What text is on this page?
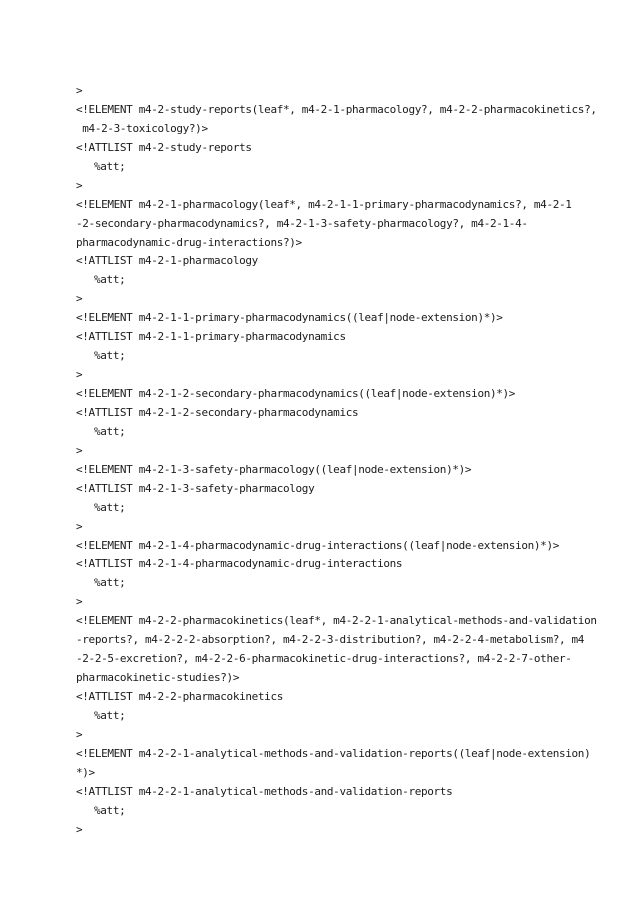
>
<!ELEMENT m4-2-study-reports(leaf*, m4-2-1-pharmacology?, m4-2-2-pharmacokinetics?,
m4-2-3-toxicology?)>
<!ATTLIST m4-2-study-reports
%att;
>
<!ELEMENT m4-2-1-pharmacology(leaf*, m4-2-1-1-primary-pharmacodynamics?, m4-2-1
-2-secondary-pharmacodynamics?, m4-2-1-3-safety-pharmacology?, m4-2-1-4-
pharmacodynamic-drug-interactions?)>
<!ATTLIST m4-2-1-pharmacology
%att;
>
<!ELEMENT m4-2-1-1-primary-pharmacodynamics((leaf|node-extension)*)>
<!ATTLIST m4-2-1-1-primary-pharmacodynamics
%att;
>
<!ELEMENT m4-2-1-2-secondary-pharmacodynamics((leaf|node-extension)*)>
<!ATTLIST m4-2-1-2-secondary-pharmacodynamics
%att;
>
<!ELEMENT m4-2-1-3-safety-pharmacology((leaf|node-extension)*)>
<!ATTLIST m4-2-1-3-safety-pharmacology
%att;
>
<!ELEMENT m4-2-1-4-pharmacodynamic-drug-interactions((leaf|node-extension)*)>
<!ATTLIST m4-2-1-4-pharmacodynamic-drug-interactions
%att;
>
<!ELEMENT m4-2-2-pharmacokinetics(leaf*, m4-2-2-1-analytical-methods-and-validation
-reports?, m4-2-2-2-absorption?, m4-2-2-3-distribution?, m4-2-2-4-metabolism?, m4
-2-2-5-excretion?, m4-2-2-6-pharmacokinetic-drug-interactions?, m4-2-2-7-other-
pharmacokinetic-studies?)>
<!ATTLIST m4-2-2-pharmacokinetics
%att;
>
<!ELEMENT m4-2-2-1-analytical-methods-and-validation-reports((leaf|node-extension)
*)>
<!ATTLIST m4-2-2-1-analytical-methods-and-validation-reports
%att;
>
